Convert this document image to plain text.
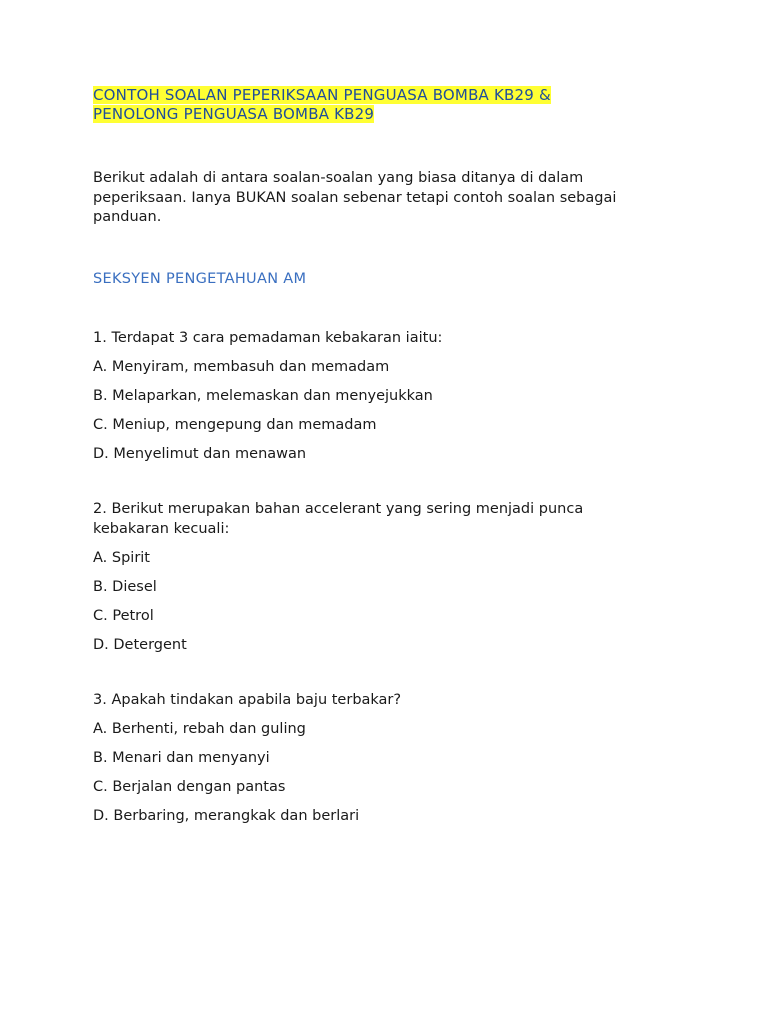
CONTOH SOALAN PEPERIKSAAN PENGUASA BOMBA KB29 &
PENOLONG PENGUASA BOMBA KB29
Berikut adalah di antara soalan-soalan yang biasa ditanya di dalam peperiksaan. Ianya BUKAN soalan sebenar tetapi contoh soalan sebagai panduan.
SEKSYEN PENGETAHUAN AM

1. Terdapat 3 cara pemadaman kebakaran iaitu:

A. Menyiram, membasuh dan memadam
B. Melaparkan, melemaskan dan menyejukkan
C. Meniup, mengepung dan memadam
D. Menyelimut dan menawan

2. Berikut merupakan bahan accelerant yang sering menjadi punca kebakaran kecuali:

A. Spirit
B. Diesel
C. Petrol
D. Detergent

3. Apakah tindakan apabila baju terbakar?

A. Berhenti, rebah dan guling
B. Menari dan menyanyi
C. Berjalan dengan pantas
D. Berbaring, merangkak dan berlari
